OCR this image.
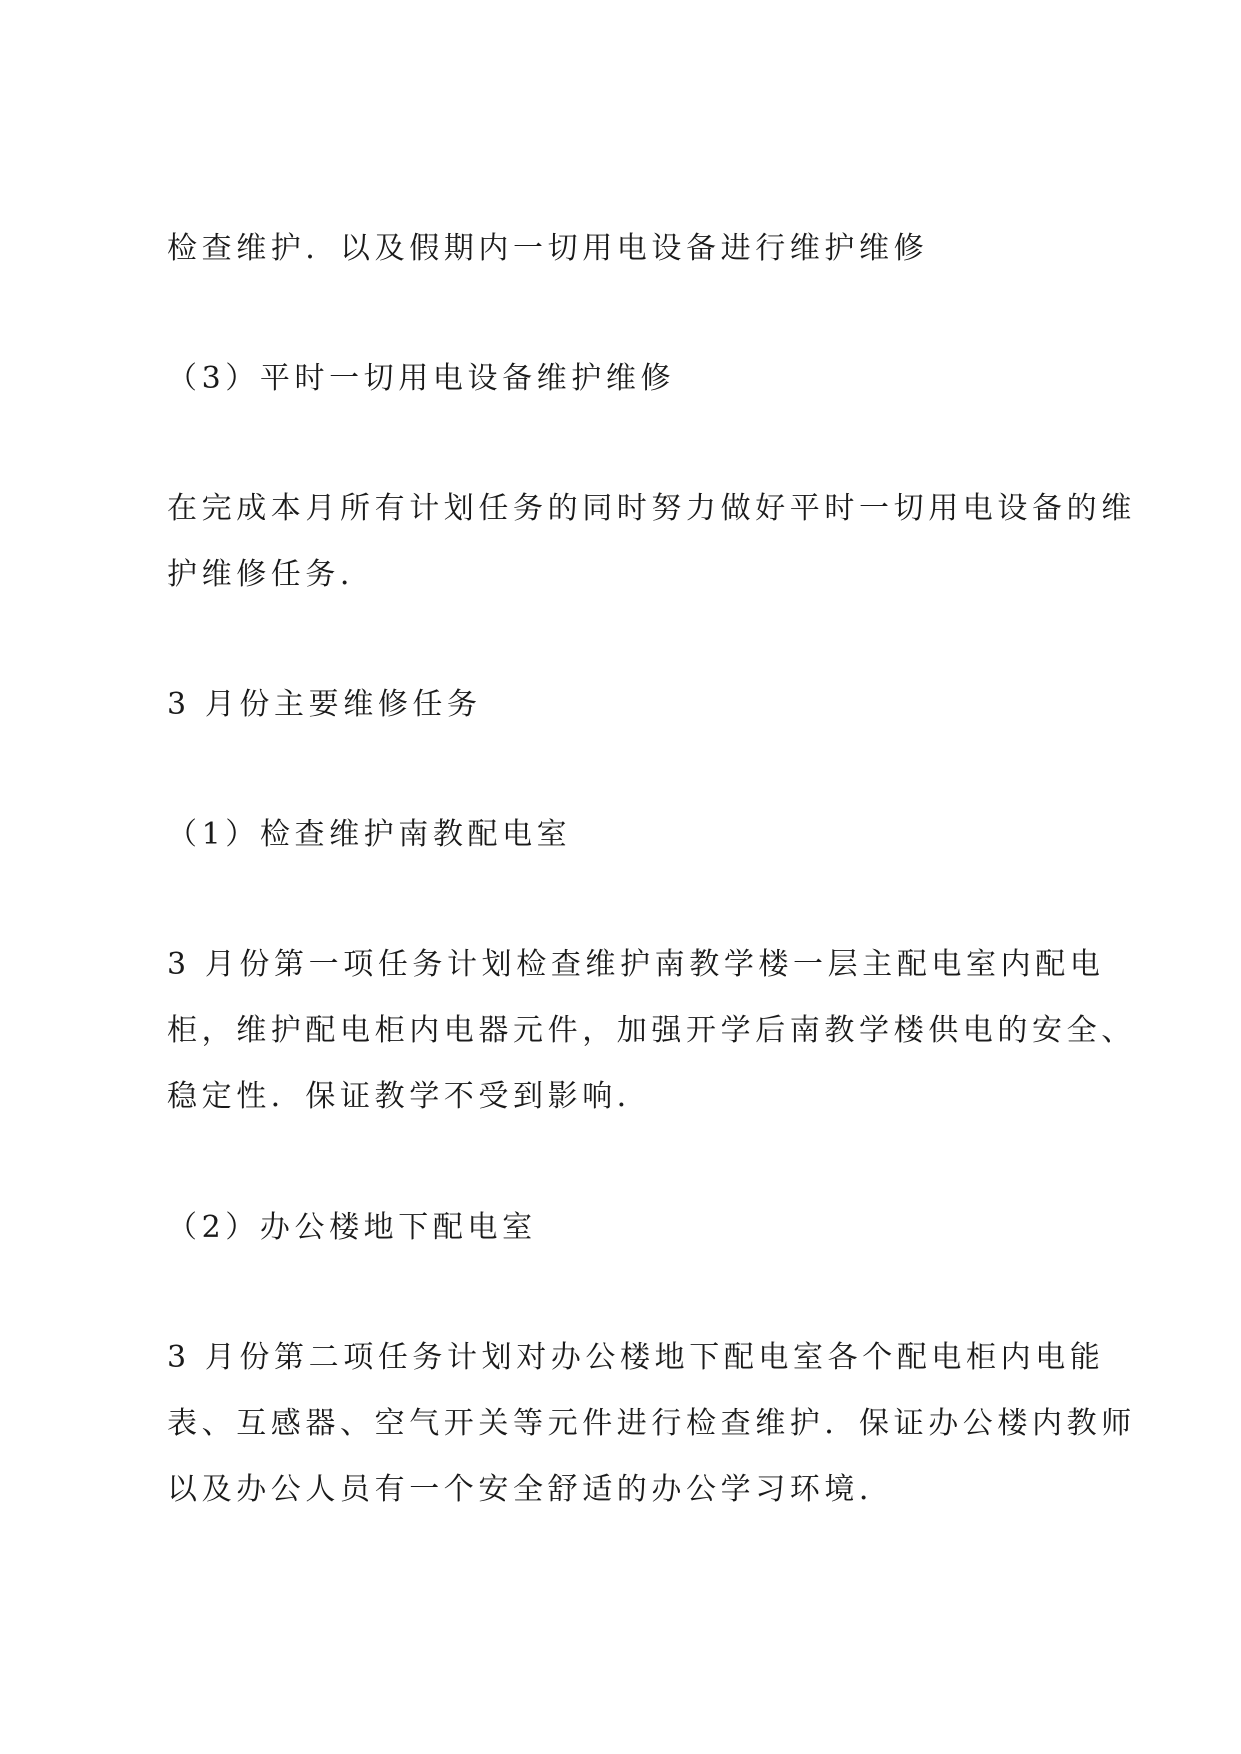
检查维护．以及假期内一切用电设备进行维护维修
（3）平时一切用电设备维护维修
在完成本月所有计划任务的同时努力做好平时一切用电设备的维
护维修任务．
3 月份主要维修任务
（1）检查维护南教配电室
3 月份第一项任务计划检查维护南教学楼一层主配电室内配电
柜，维护配电柜内电器元件，加强开学后南教学楼供电的安全、
稳定性．保证教学不受到影响．
（2）办公楼地下配电室
3 月份第二项任务计划对办公楼地下配电室各个配电柜内电能
表、互感器、空气开关等元件进行检查维护．保证办公楼内教师
以及办公人员有一个安全舒适的办公学习环境．
